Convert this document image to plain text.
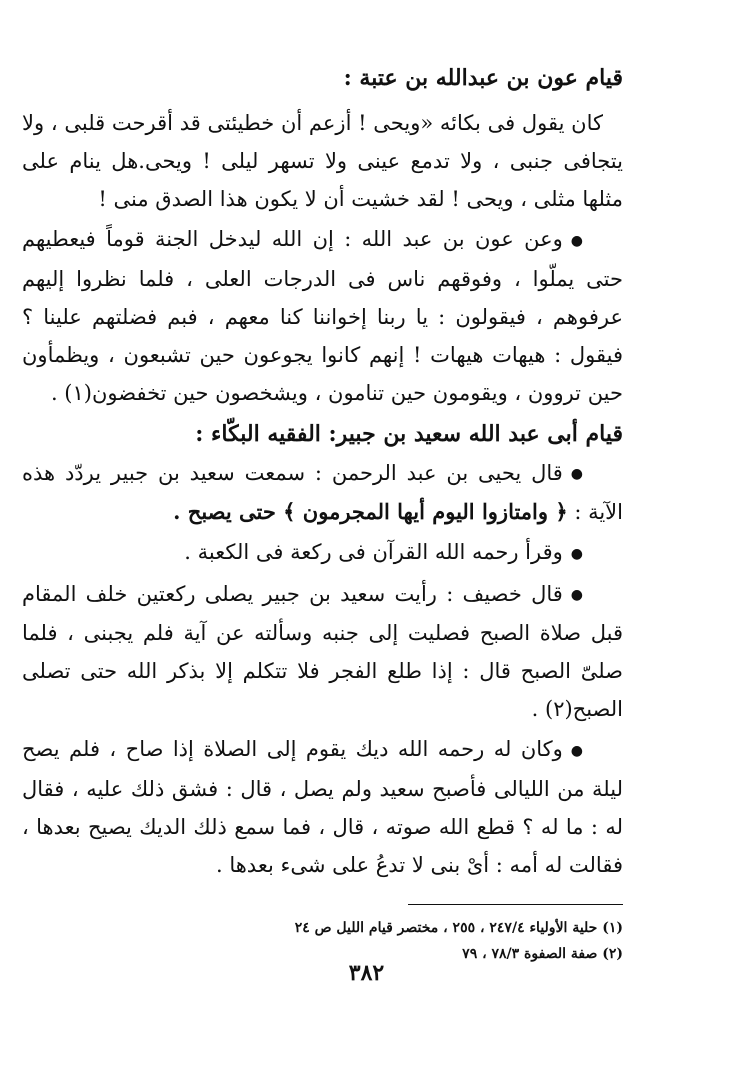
قيام عون بن عبدالله بن عتبة :

كان يقول فى بكائه «ويحى ! أزعم أن خطيئتى قد أقرحت قلبى ، ولا يتجافى جنبى ، ولا تدمع عينى ولا تسهر ليلى ! ويحى.هل ينام على مثلها مثلى ، ويحى ! لقد خشيت أن لا يكون هذا الصدق منى !

●وعن عون بن عبد الله : إن الله ليدخل الجنة قوماً فيعطيهم حتى يملّوا ، وفوقهم ناس فى الدرجات العلى ، فلما نظروا إليهم عرفوهم ، فيقولون : يا ربنا إخواننا كنا معهم ، فبم فضلتهم علينا ؟ فيقول : هيهات هيهات ! إنهم كانوا يجوعون حين تشبعون ، ويظمأون حين تروون ، ويقومون حين تنامون ، ويشخصون حين تخفضون(١) .

قيام أبى عبد الله سعيد بن جبير: الفقيه البكّاء :

●قال يحيى بن عبد الرحمن : سمعت سعيد بن جبير يردّد هذه الآية : ﴿ وامتازوا اليوم أيها المجرمون ﴾ حتى يصبح .

●وقرأ رحمه الله القرآن فى ركعة فى الكعبة .

●قال خصيف : رأيت سعيد بن جبير يصلى ركعتين خلف المقام قبل صلاة الصبح فصليت إلى جنبه وسألته عن آية فلم يجبنى ، فلما صلىّ الصبح قال : إذا طلع الفجر فلا تتكلم إلا بذكر الله حتى تصلى الصبح(٢) .

●وكان له رحمه الله ديك يقوم إلى الصلاة إذا صاح ، فلم يصح ليلة من الليالى فأصبح سعيد ولم يصل ، قال : فشق ذلك عليه ، فقال له : ما له ؟ قطع الله صوته ، قال ، فما سمع ذلك الديك يصيح بعدها ، فقالت له أمه : أىْ بنى لا تدعُ على شىء بعدها .

(١) حلية الأولياء ٢٤٧/٤ ، ٢٥٥ ، مختصر قيام الليل ص ٢٤

(٢) صفة الصفوة ٧٨/٣ ، ٧٩

٣٨٢
